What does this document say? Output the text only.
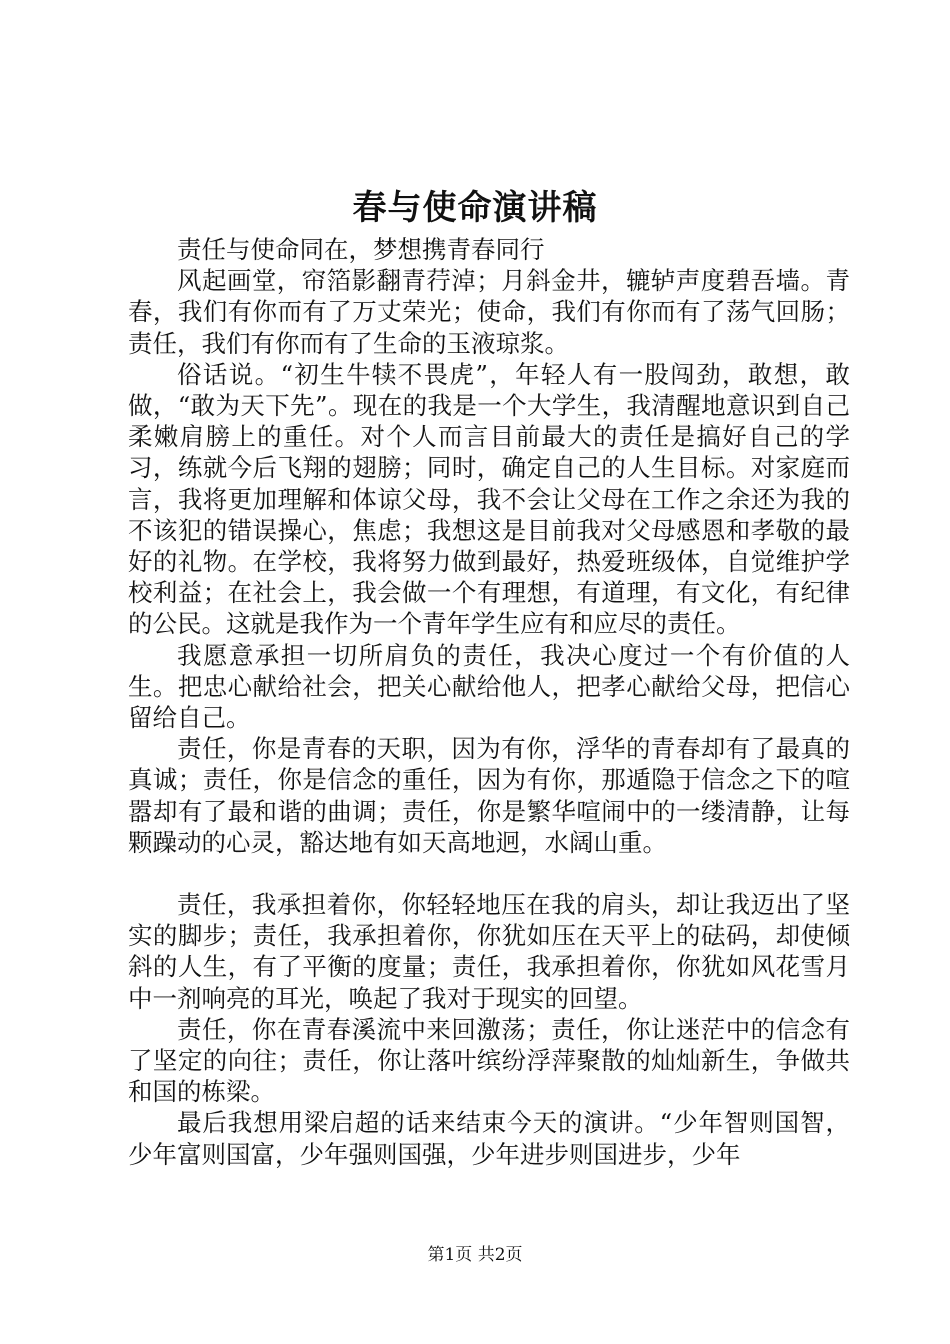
春与使命演讲稿

责任与使命同在，梦想携青春同行

风起画堂，帘箔影翻青荇淖；月斜金井，辘轳声度碧吾墙。青春，我们有你而有了万丈荣光；使命，我们有你而有了荡气回肠；责任，我们有你而有了生命的玉液琼浆。

俗话说。“初生牛犊不畏虎”，年轻人有一股闯劲，敢想，敢做，“敢为天下先”。现在的我是一个大学生，我清醒地意识到自己柔嫩肩膀上的重任。对个人而言目前最大的责任是搞好自己的学习，练就今后飞翔的翅膀；同时，确定自己的人生目标。对家庭而言，我将更加理解和体谅父母，我不会让父母在工作之余还为我的不该犯的错误操心，焦虑；我想这是目前我对父母感恩和孝敬的最好的礼物。在学校，我将努力做到最好，热爱班级体，自觉维护学校利益；在社会上，我会做一个有理想，有道理，有文化，有纪律的公民。这就是我作为一个青年学生应有和应尽的责任。

我愿意承担一切所肩负的责任，我决心度过一个有价值的人生。把忠心献给社会，把关心献给他人，把孝心献给父母，把信心留给自己。

责任，你是青春的天职，因为有你，浮华的青春却有了最真的真诚；责任，你是信念的重任，因为有你，那遁隐于信念之下的喧嚣却有了最和谐的曲调；责任，你是繁华喧闹中的一缕清静，让每颗躁动的心灵，豁达地有如天高地迥，水阔山重。

责任，我承担着你，你轻轻地压在我的肩头，却让我迈出了坚实的脚步；责任，我承担着你，你犹如压在天平上的砝码，却使倾斜的人生，有了平衡的度量；责任，我承担着你，你犹如风花雪月中一剂响亮的耳光，唤起了我对于现实的回望。

责任，你在青春溪流中来回激荡；责任，你让迷茫中的信念有了坚定的向往；责任，你让落叶缤纷浮萍聚散的灿灿新生，争做共和国的栋梁。

最后我想用梁启超的话来结束今天的演讲。“少年智则国智，少年富则国富，少年强则国强，少年进步则国进步，少年

第1页 共2页
